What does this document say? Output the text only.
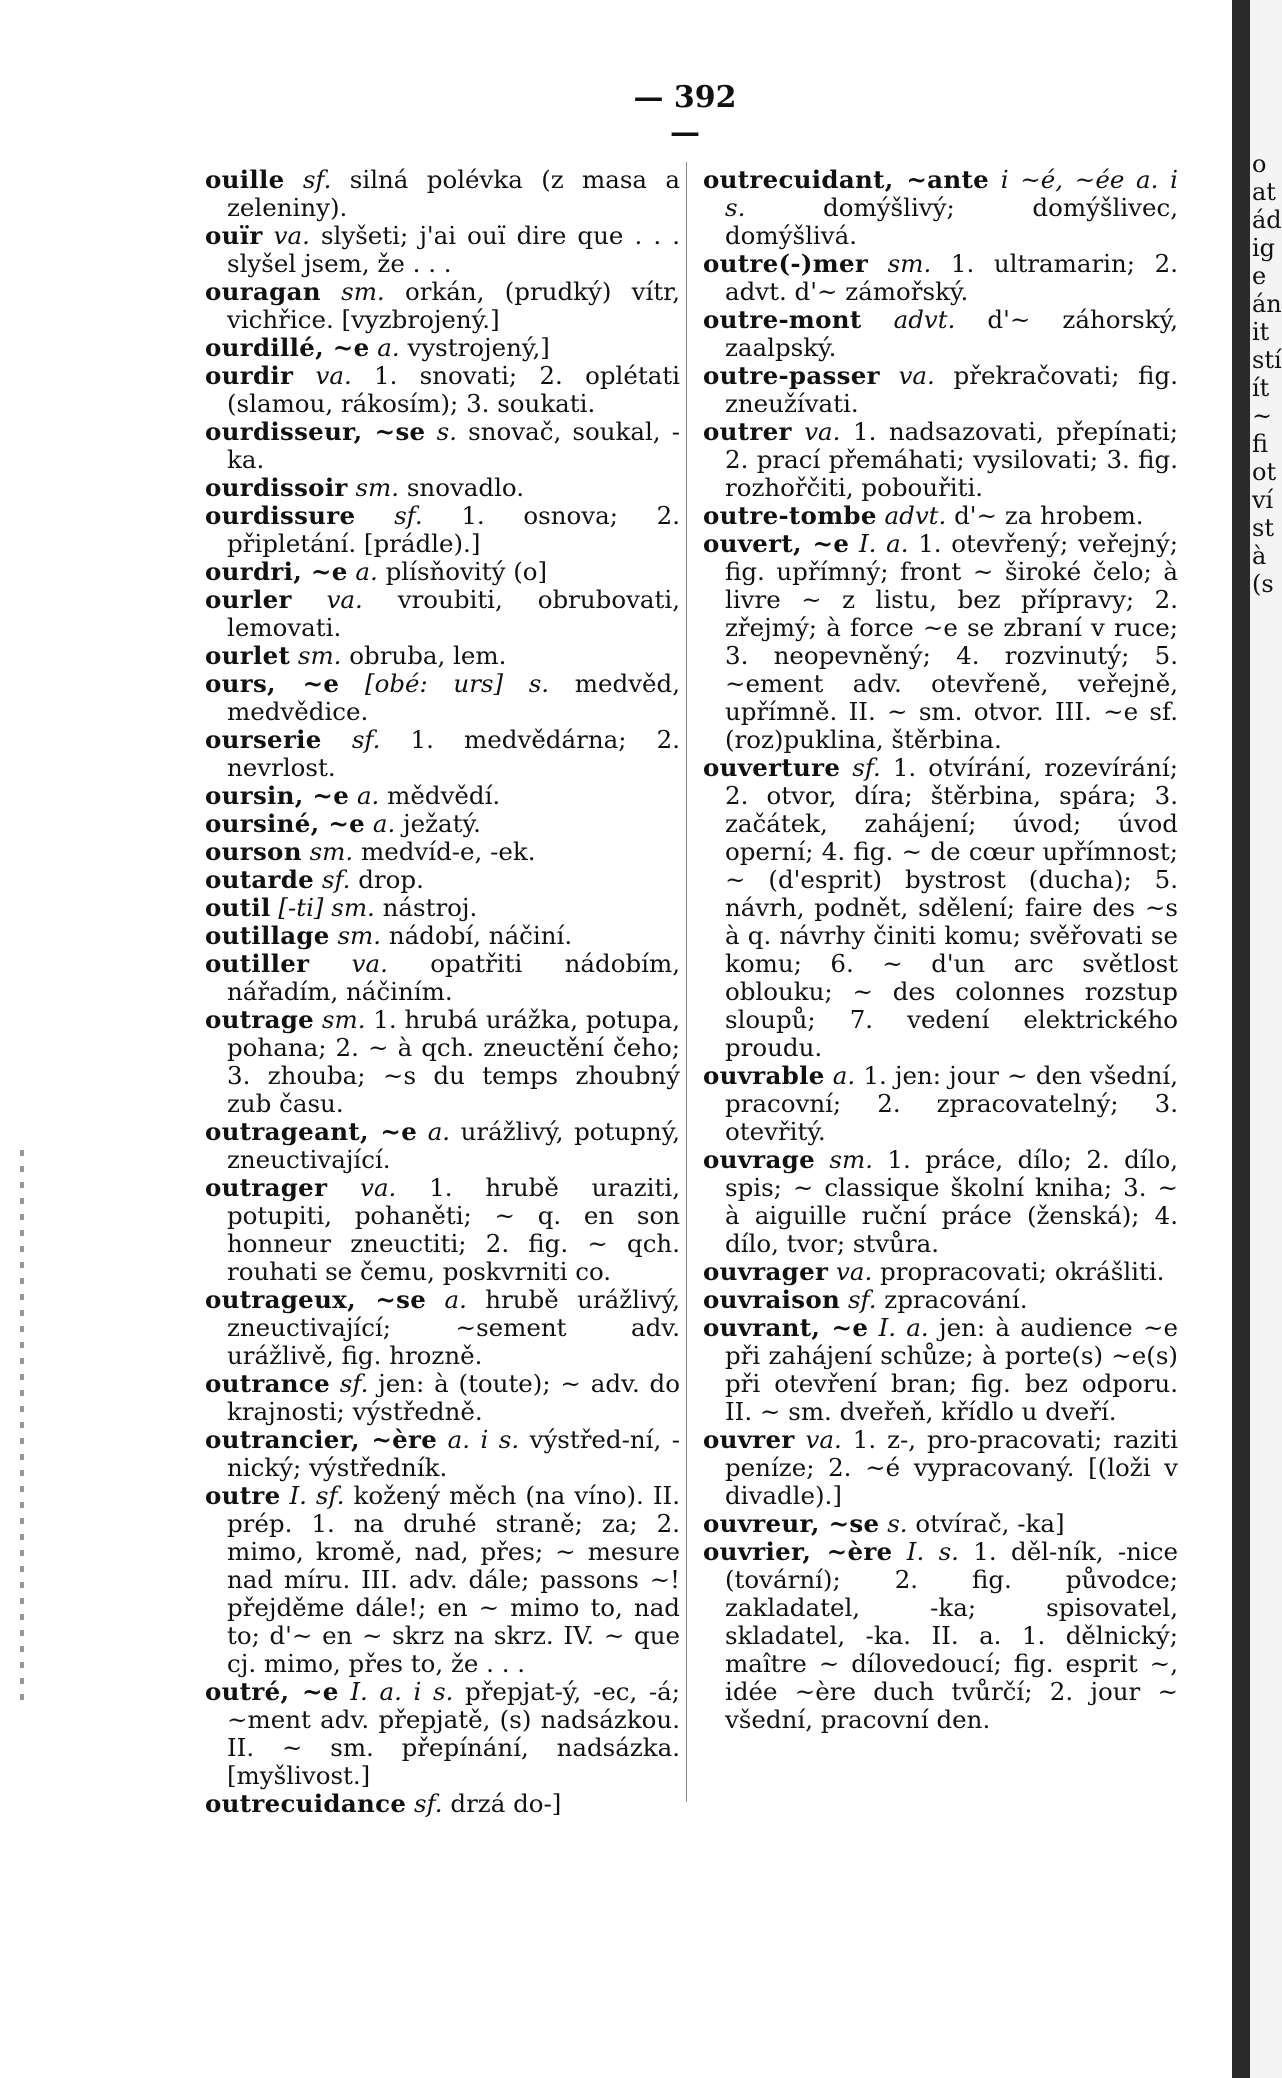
— 392 —

ouille sf. silná polévka (z masa a zeleniny).

ouïr va. slyšeti; j'ai ouï dire que . . . slyšel jsem, že . . .

ouragan sm. orkán, (prudký) vítr, vichřice. [vyzbrojený.]

ourdillé, ~e a. vystrojený,]

ourdir va. 1. snovati; 2. oplétati (slamou, rákosím); 3. soukati.

ourdisseur, ~se s. snovač, soukal, -ka.

ourdissoir sm. snovadlo.

ourdissure sf. 1. osnova; 2. připletání. [prádle).]

ourdri, ~e a. plísňovitý (o]

ourler va. vroubiti, obrubovati, lemovati.

ourlet sm. obruba, lem.

ours, ~e [obé: urs] s. medvěd, medvědice.

ourserie sf. 1. medvědárna; 2. nevrlost.

oursin, ~e a. mědvědí.

oursiné, ~e a. ježatý.

ourson sm. medvíd-e, -ek.

outarde sf. drop.

outil [-ti] sm. nástroj.

outillage sm. nádobí, náčiní.

outiller va. opatřiti nádobím, nářadím, náčiním.

outrage sm. 1. hrubá urážka, potupa, pohana; 2. ~ à qch. zneuctění čeho; 3. zhouba; ~s du temps zhoubný zub času.

outrageant, ~e a. urážlivý, potupný, zneuctivající.

outrager va. 1. hrubě uraziti, potupiti, pohaněti; ~ q. en son honneur zneuctiti; 2. fig. ~ qch. rouhati se čemu, poskvrniti co.

outrageux, ~se a. hrubě urážlivý, zneuctivající; ~sement adv. urážlivě, fig. hrozně.

outrance sf. jen: à (toute); ~ adv. do krajnosti; výstředně.

outrancier, ~ère a. i s. výstřed-ní, -nický; výstředník.

outre I. sf. kožený měch (na víno). II. prép. 1. na druhé straně; za; 2. mimo, kromě, nad, přes; ~ mesure nad míru. III. adv. dále; passons ~! přejděme dále!; en ~ mimo to, nad to; d'~ en ~ skrz na skrz. IV. ~ que cj. mimo, přes to, že . . .

outré, ~e I. a. i s. přepjat-ý, -ec, -á; ~ment adv. přepjatě, (s) nadsázkou. II. ~ sm. přepínání, nadsázka. [myšlivost.]

outrecuidance sf. drzá do-]

outrecuidant, ~ante i ~é, ~ée a. i s.	domýšlivý; domýšlivec, domýšlivá.

outre(-)mer sm. 1. ultramarin; 2. advt. d'~ zámořský.

outre-mont advt. d'~ záhorský, zaalpský.

outre-passer va. překračovati; fig. zneužívati.

outrer va. 1. nadsazovati, přepínati; 2. prací přemáhati; vysilovati; 3. fig. rozhořčiti, pobouřiti.

outre-tombe advt. d'~ za hrobem.

ouvert, ~e I. a. 1. otevřený; veřejný; fig. upřímný; front ~ široké čelo; à livre ~ z listu, bez přípravy; 2. zřejmý; à force ~e se zbraní v ruce; 3. neopevněný; 4. rozvinutý; 5. ~ement adv. otevřeně, veřejně, upřímně. II. ~ sm. otvor. III. ~e sf. (roz)puklina, štěrbina.

ouverture sf. 1. otvírání, rozevírání; 2. otvor, díra; štěrbina, spára; 3. začátek, zahájení; úvod; úvod operní; 4. fig. ~ de cœur upřímnost; ~ (d'esprit) bystrost (ducha); 5. návrh, podnět, sdělení; faire des ~s à q. návrhy činiti komu; svěřovati se komu; 6. ~ d'un arc světlost oblouku; ~ des colonnes rozstup sloupů; 7. vedení elektrického proudu.

ouvrable a. 1. jen: jour ~ den všední, pracovní; 2. zpracovatelný; 3. otevřitý.

ouvrage sm. 1. práce, dílo; 2. dílo, spis; ~ classique školní kniha; 3. ~ à aiguille ruční práce (ženská); 4. dílo, tvor; stvůra.

ouvrager va. propracovati; okrášliti.

ouvraison sf. zpracování.

ouvrant, ~e I. a. jen: à audience ~e při zahájení schůze; à porte(s) ~e(s) při otevření bran; fig. bez odporu. II. ~ sm. dveřeň, křídlo u dveří.

ouvrer va. 1. z-, pro-pracovati; raziti peníze; 2. ~é vypracovaný. [(loži v divadle).]

ouvreur, ~se s. otvírač, -ka]

ouvrier, ~ère I. s. 1. děl-ník, -nice (tovární); 2. fig. původce; zakladatel, -ka; spisovatel, skladatel, -ka. II. a. 1. dělnický; maître ~ dílovedoucí; fig. esprit ~, idée ~ère duch tvůrčí; 2. jour ~ všední, pracovní den.

o
at
ád
ig
e
án
it
stí
ít
~
fi
ot
ví
st
à
(s
